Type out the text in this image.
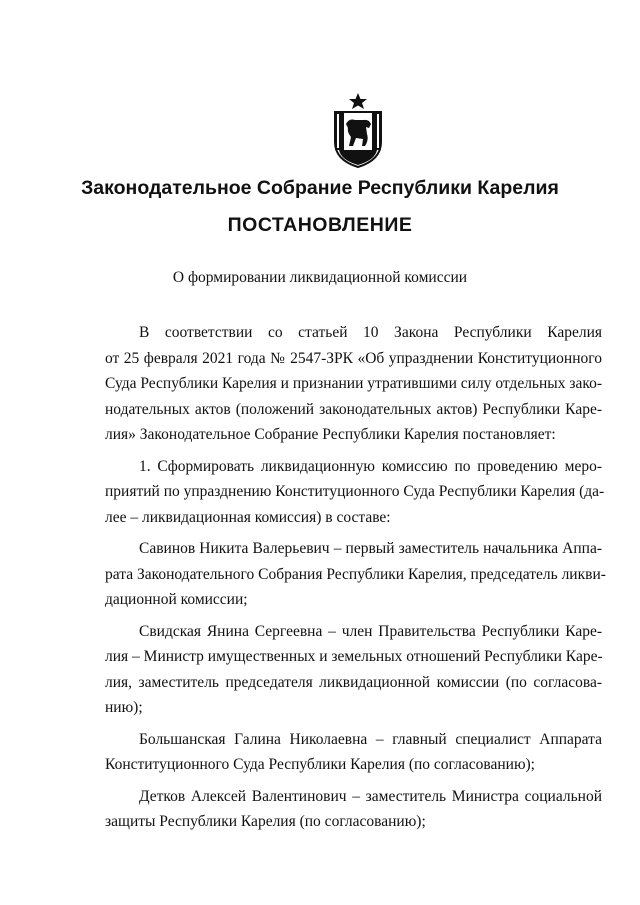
Законодательное Собрание Республики Карелия
ПОСТАНОВЛЕНИЕ
О формировании ликвидационной комиссии
В соответствии со статьей 10 Закона Республики Карелия
от 25 февраля 2021 года № 2547-ЗРК «Об упразднении Конституционного
Суда Республики Карелия и признании утратившими силу отдельных зако-
нодательных актов (положений законодательных актов) Республики Каре-
лия» Законодательное Собрание Республики Карелия постановляет:
1. Сформировать ликвидационную комиссию по проведению меро-
приятий по упразднению Конституционного Суда Республики Карелия (да-
лее – ликвидационная комиссия) в составе:
Савинов Никита Валерьевич – первый заместитель начальника Аппа-
рата Законодательного Собрания Республики Карелия, председатель ликви-
дационной комиссии;
Свидская Янина Сергеевна – член Правительства Республики Каре-
лия – Министр имущественных и земельных отношений Республики Каре-
лия, заместитель председателя ликвидационной комиссии (по согласова-
нию);
Большанская Галина Николаевна – главный специалист Аппарата
Конституционного Суда Республики Карелия (по согласованию);
Детков Алексей Валентинович – заместитель Министра социальной
защиты Республики Карелия (по согласованию);
